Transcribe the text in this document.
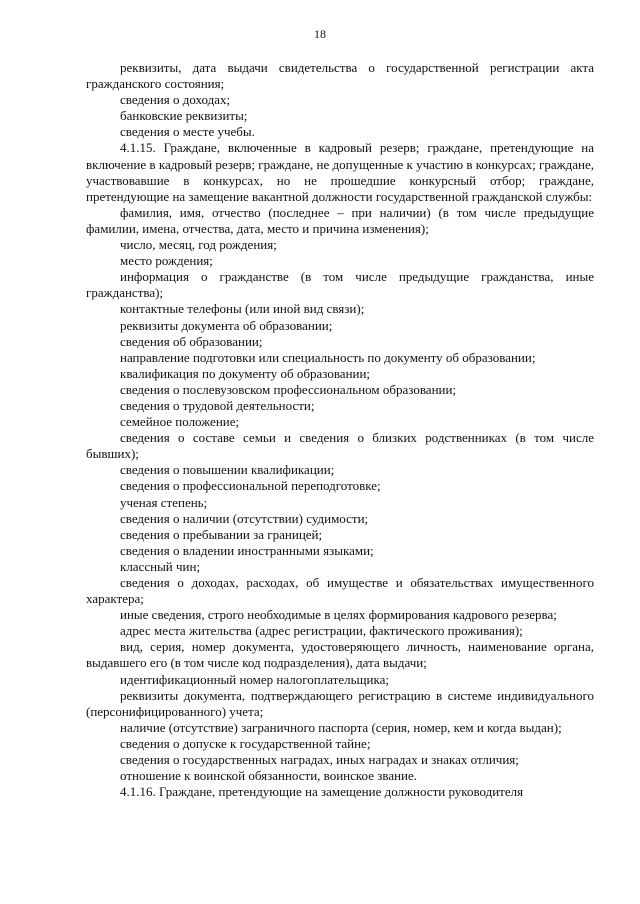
18

реквизиты, дата выдачи свидетельства о государственной регистрации акта гражданского состояния;

сведения о доходах;

банковские реквизиты;

сведения о месте учебы.

4.1.15. Граждане, включенные в кадровый резерв; граждане, претендующие на включение в кадровый резерв; граждане, не допущенные к участию в конкурсах; граждане, участвовавшие в конкурсах, но не прошедшие конкурсный отбор; граждане, претендующие на замещение вакантной должности государственной гражданской службы:

фамилия, имя, отчество (последнее – при наличии) (в том числе предыдущие фамилии, имена, отчества, дата, место и причина изменения);

число, месяц, год рождения;

место рождения;

информация о гражданстве (в том числе предыдущие гражданства, иные гражданства);

контактные телефоны (или иной вид связи);

реквизиты документа об образовании;

сведения об образовании;

направление подготовки или специальность по документу об образовании;

квалификация по документу об образовании;

сведения о послевузовском профессиональном образовании;

сведения о трудовой деятельности;

семейное положение;

сведения о составе семьи и сведения о близких родственниках (в том числе бывших);

сведения о повышении квалификации;

сведения о профессиональной переподготовке;

ученая степень;

сведения о наличии (отсутствии) судимости;

сведения о пребывании за границей;

сведения о владении иностранными языками;

классный чин;

сведения о доходах, расходах, об имуществе и обязательствах имущественного характера;

иные сведения, строго необходимые в целях формирования кадрового резерва;

адрес места жительства (адрес регистрации, фактического проживания);

вид, серия, номер документа, удостоверяющего личность, наименование органа, выдавшего его (в том числе код подразделения), дата выдачи;

идентификационный номер налогоплательщика;

реквизиты документа, подтверждающего регистрацию в системе индивидуального (персонифицированного) учета;

наличие (отсутствие) заграничного паспорта (серия, номер, кем и когда выдан);

сведения о допуске к государственной тайне;

сведения о государственных наградах, иных наградах и знаках отличия;

отношение к воинской обязанности, воинское звание.

4.1.16. Граждане, претендующие на замещение должности руководителя
